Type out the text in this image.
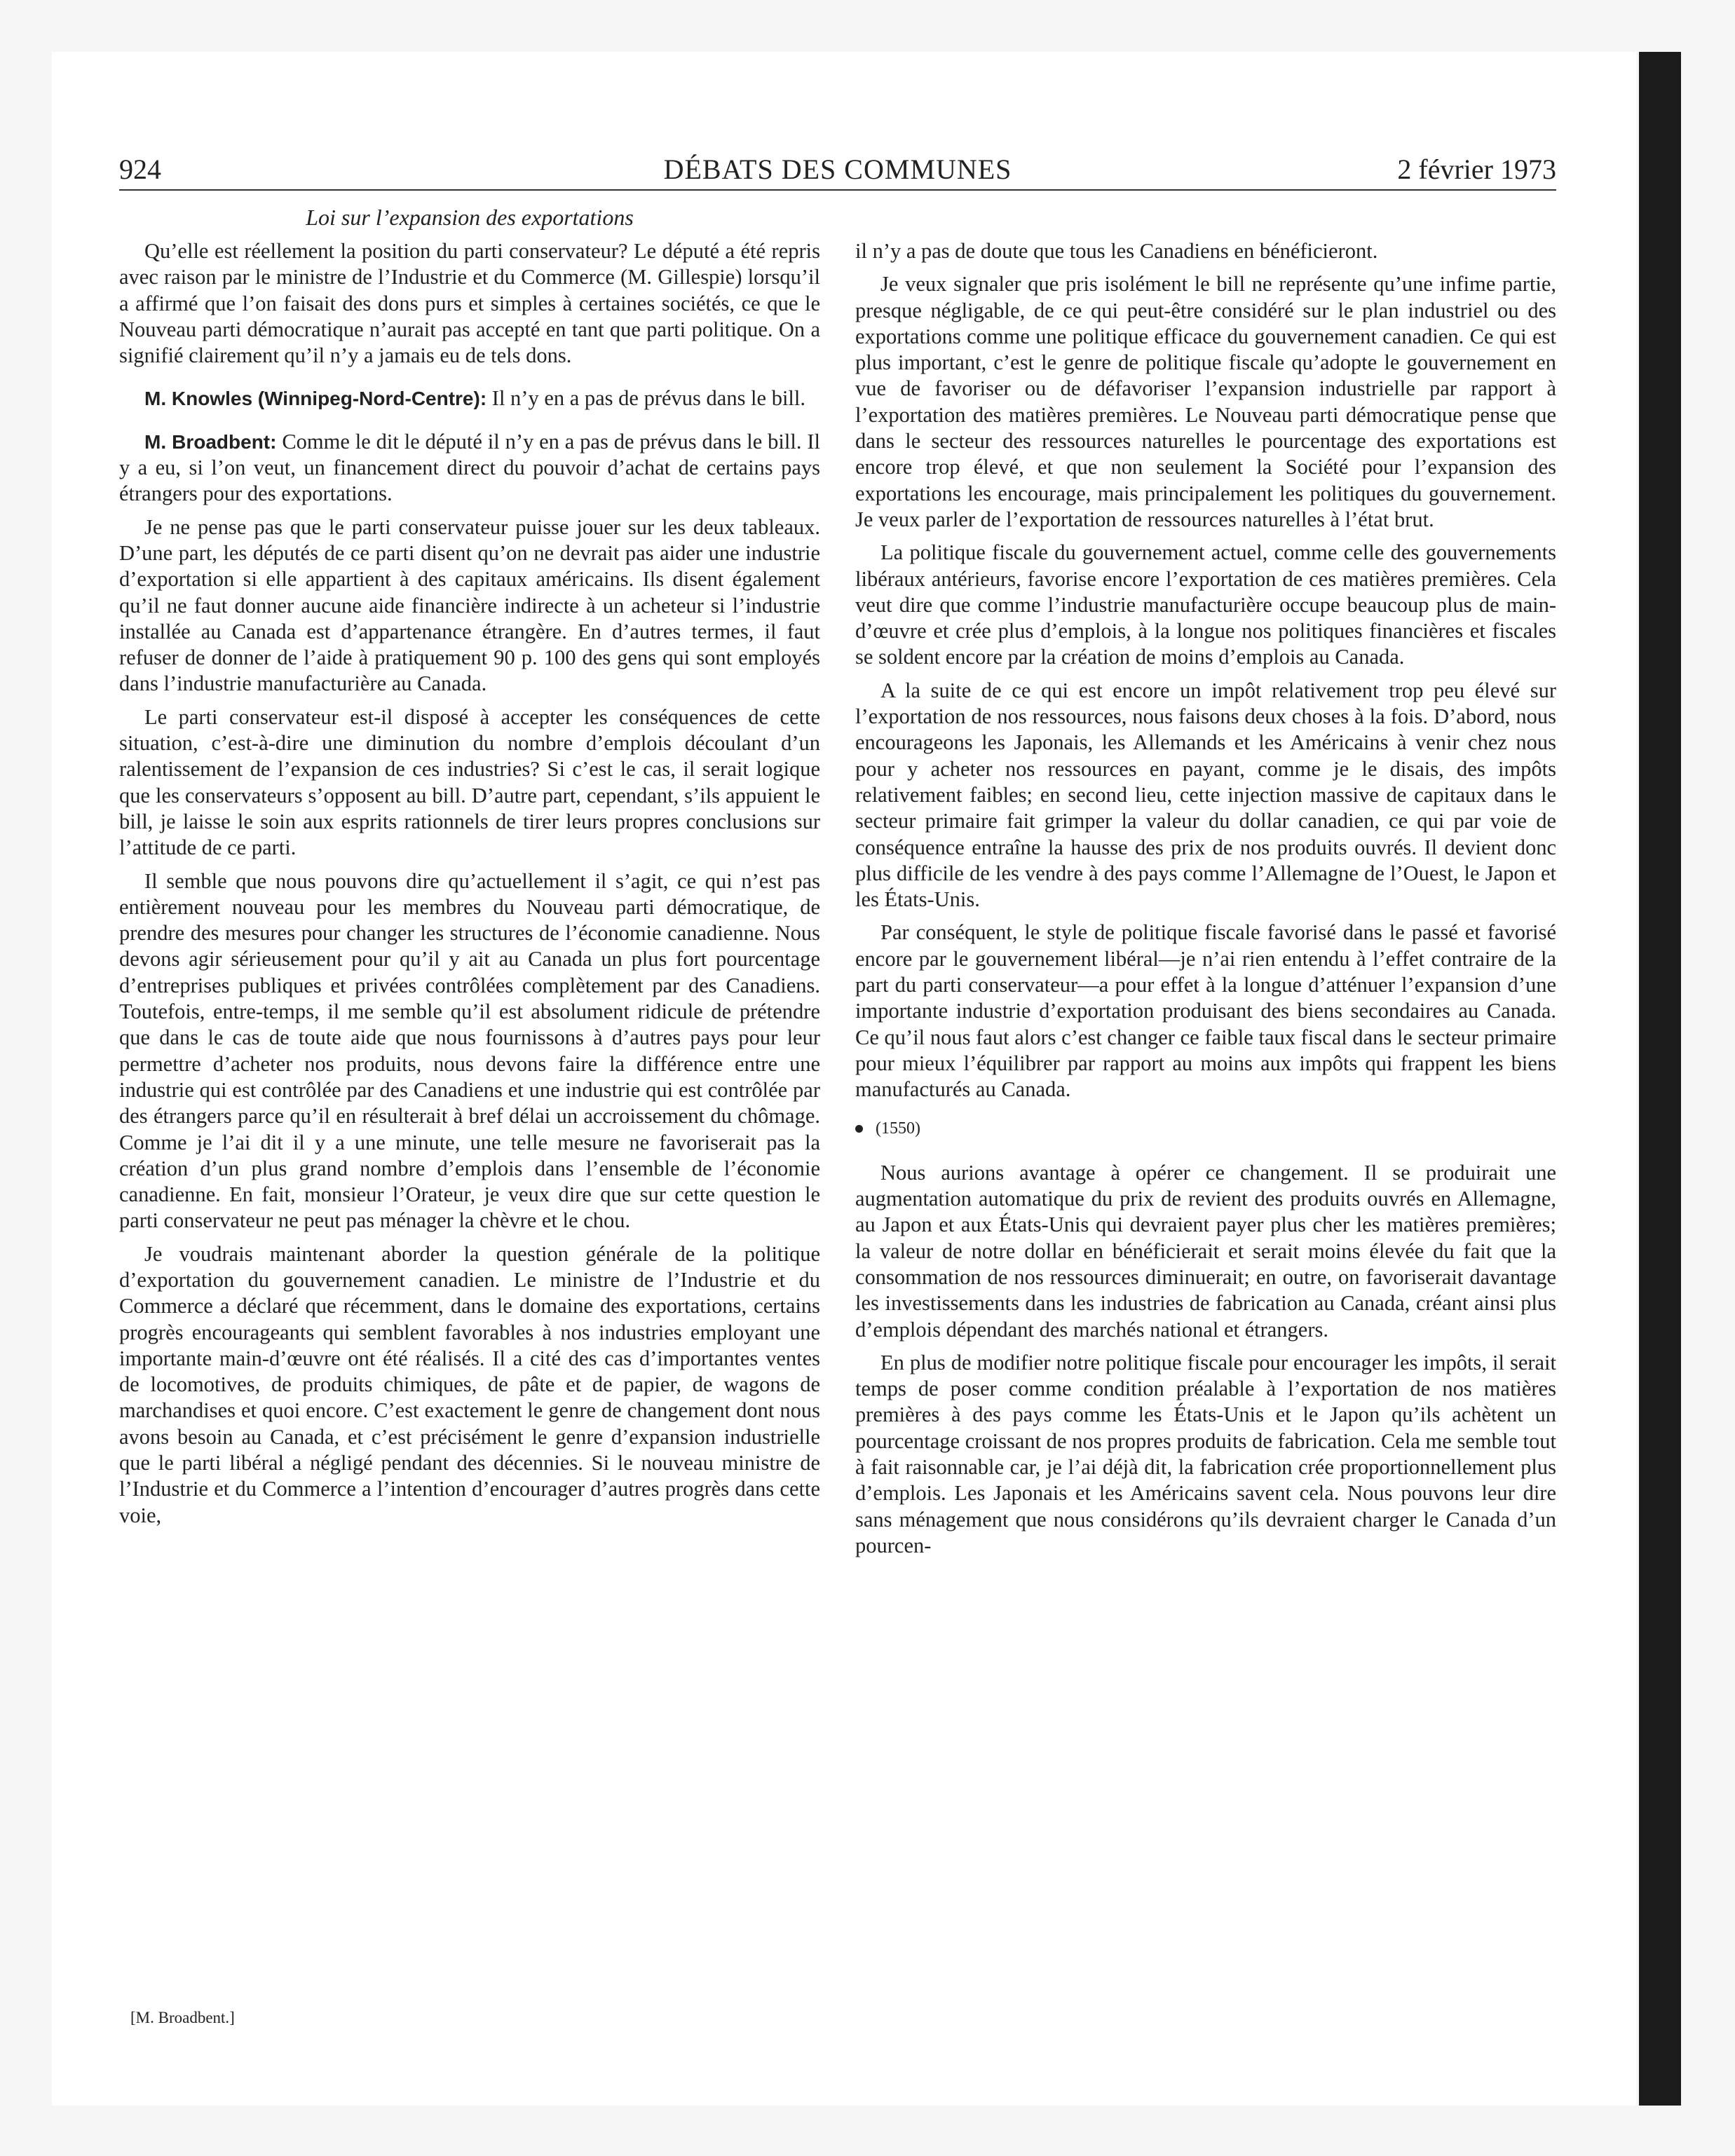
924	DÉBATS DES COMMUNES	2 février 1973
Loi sur l’expansion des exportations

Qu’elle est réellement la position du parti conservateur? Le député a été repris avec raison par le ministre de l’Industrie et du Commerce (M. Gillespie) lorsqu’il a affirmé que l’on faisait des dons purs et simples à certaines sociétés, ce que le Nouveau parti démocratique n’aurait pas accepté en tant que parti politique. On a signifié clairement qu’il n’y a jamais eu de tels dons.

M. Knowles (Winnipeg-Nord-Centre): Il n’y en a pas de prévus dans le bill.

M. Broadbent: Comme le dit le député il n’y en a pas de prévus dans le bill. Il y a eu, si l’on veut, un financement direct du pouvoir d’achat de certains pays étrangers pour des exportations.

Je ne pense pas que le parti conservateur puisse jouer sur les deux tableaux. D’une part, les députés de ce parti disent qu’on ne devrait pas aider une industrie d’exportation si elle appartient à des capitaux américains. Ils disent également qu’il ne faut donner aucune aide financière indirecte à un acheteur si l’industrie installée au Canada est d’appartenance étrangère. En d’autres termes, il faut refuser de donner de l’aide à pratiquement 90 p. 100 des gens qui sont employés dans l’industrie manufacturière au Canada.

Le parti conservateur est-il disposé à accepter les conséquences de cette situation, c’est-à-dire une diminution du nombre d’emplois découlant d’un ralentissement de l’expansion de ces industries? Si c’est le cas, il serait logique que les conservateurs s’opposent au bill. D’autre part, cependant, s’ils appuient le bill, je laisse le soin aux esprits rationnels de tirer leurs propres conclusions sur l’attitude de ce parti.

Il semble que nous pouvons dire qu’actuellement il s’agit, ce qui n’est pas entièrement nouveau pour les membres du Nouveau parti démocratique, de prendre des mesures pour changer les structures de l’économie canadienne. Nous devons agir sérieusement pour qu’il y ait au Canada un plus fort pourcentage d’entreprises publiques et privées contrôlées complètement par des Canadiens. Toutefois, entre-temps, il me semble qu’il est absolument ridicule de prétendre que dans le cas de toute aide que nous fournissons à d’autres pays pour leur permettre d’acheter nos produits, nous devons faire la différence entre une industrie qui est contrôlée par des Canadiens et une industrie qui est contrôlée par des étrangers parce qu’il en résulterait à bref délai un accroissement du chômage. Comme je l’ai dit il y a une minute, une telle mesure ne favoriserait pas la création d’un plus grand nombre d’emplois dans l’ensemble de l’économie canadienne. En fait, monsieur l’Orateur, je veux dire que sur cette question le parti conservateur ne peut pas ménager la chèvre et le chou.

Je voudrais maintenant aborder la question générale de la politique d’exportation du gouvernement canadien. Le ministre de l’Industrie et du Commerce a déclaré que récemment, dans le domaine des exportations, certains progrès encourageants qui semblent favorables à nos industries employant une importante main-d’œuvre ont été réalisés. Il a cité des cas d’importantes ventes de locomotives, de produits chimiques, de pâte et de papier, de wagons de marchandises et quoi encore. C’est exactement le genre de changement dont nous avons besoin au Canada, et c’est précisément le genre d’expansion industrielle que le parti libéral a négligé pendant des décennies. Si le nouveau ministre de l’Industrie et du Commerce a l’intention d’encourager d’autres progrès dans cette voie,

[M. Broadbent.]

il n’y a pas de doute que tous les Canadiens en bénéficieront.

Je veux signaler que pris isolément le bill ne représente qu’une infime partie, presque négligable, de ce qui peut-être considéré sur le plan industriel ou des exportations comme une politique efficace du gouvernement canadien. Ce qui est plus important, c’est le genre de politique fiscale qu’adopte le gouvernement en vue de favoriser ou de défavoriser l’expansion industrielle par rapport à l’exportation des matières premières. Le Nouveau parti démocratique pense que dans le secteur des ressources naturelles le pourcentage des exportations est encore trop élevé, et que non seulement la Société pour l’expansion des exportations les encourage, mais principalement les politiques du gouvernement. Je veux parler de l’exportation de ressources naturelles à l’état brut.

La politique fiscale du gouvernement actuel, comme celle des gouvernements libéraux antérieurs, favorise encore l’exportation de ces matières premières. Cela veut dire que comme l’industrie manufacturière occupe beaucoup plus de main-d’œuvre et crée plus d’emplois, à la longue nos politiques financières et fiscales se soldent encore par la création de moins d’emplois au Canada.

A la suite de ce qui est encore un impôt relativement trop peu élevé sur l’exportation de nos ressources, nous faisons deux choses à la fois. D’abord, nous encourageons les Japonais, les Allemands et les Américains à venir chez nous pour y acheter nos ressources en payant, comme je le disais, des impôts relativement faibles; en second lieu, cette injection massive de capitaux dans le secteur primaire fait grimper la valeur du dollar canadien, ce qui par voie de conséquence entraîne la hausse des prix de nos produits ouvrés. Il devient donc plus difficile de les vendre à des pays comme l’Allemagne de l’Ouest, le Japon et les États-Unis.

Par conséquent, le style de politique fiscale favorisé dans le passé et favorisé encore par le gouvernement libéral—je n’ai rien entendu à l’effet contraire de la part du parti conservateur—a pour effet à la longue d’atténuer l’expansion d’une importante industrie d’exportation produisant des biens secondaires au Canada. Ce qu’il nous faut alors c’est changer ce faible taux fiscal dans le secteur primaire pour mieux l’équilibrer par rapport au moins aux impôts qui frappent les biens manufacturés au Canada.

(1550)

Nous aurions avantage à opérer ce changement. Il se produirait une augmentation automatique du prix de revient des produits ouvrés en Allemagne, au Japon et aux États-Unis qui devraient payer plus cher les matières premières; la valeur de notre dollar en bénéficierait et serait moins élevée du fait que la consommation de nos ressources diminuerait; en outre, on favoriserait davantage les investissements dans les industries de fabrication au Canada, créant ainsi plus d’emplois dépendant des marchés national et étrangers.

En plus de modifier notre politique fiscale pour encourager les impôts, il serait temps de poser comme condition préalable à l’exportation de nos matières premières à des pays comme les États-Unis et le Japon qu’ils achètent un pourcentage croissant de nos propres produits de fabrication. Cela me semble tout à fait raisonnable car, je l’ai déjà dit, la fabrication crée proportionnellement plus d’emplois. Les Japonais et les Américains savent cela. Nous pouvons leur dire sans ménagement que nous considérons qu’ils devraient charger le Canada d’un pourcen-
